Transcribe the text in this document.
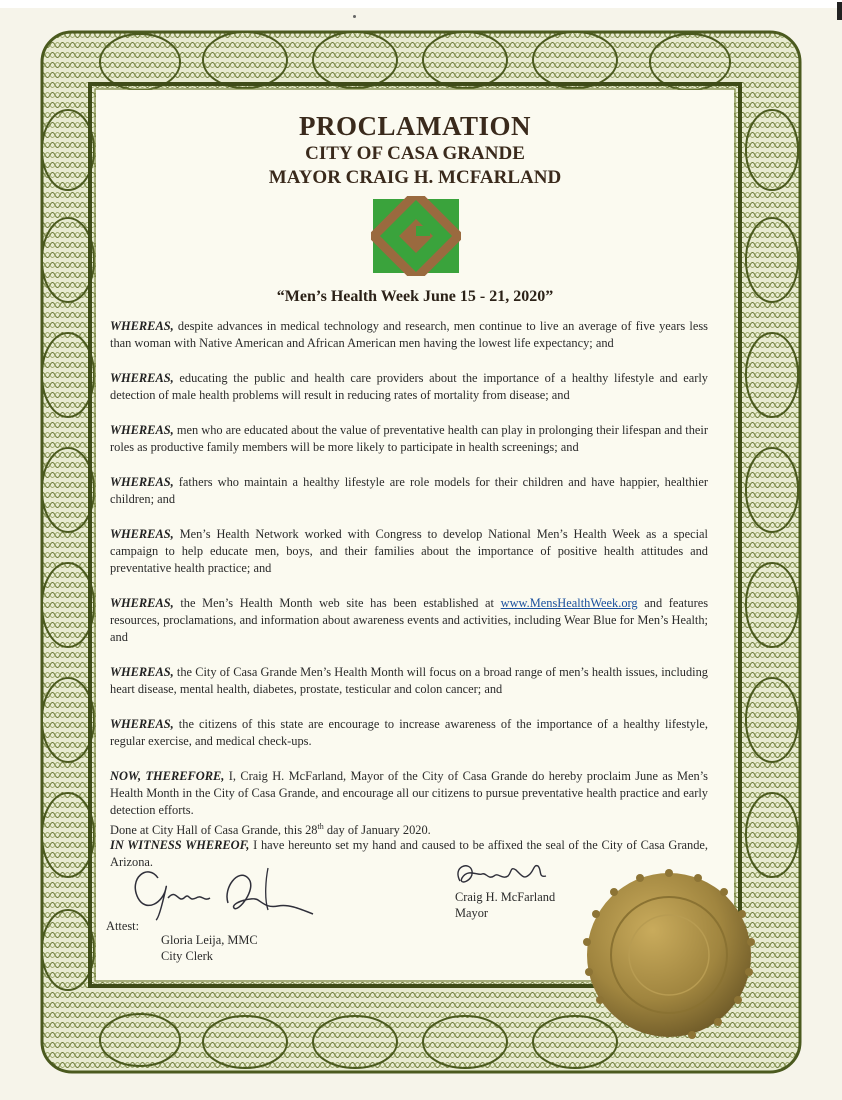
PROCLAMATION
CITY OF CASA GRANDE
MAYOR CRAIG H. MCFARLAND
“Men’s Health Week June 15 - 21, 2020”

WHEREAS, despite advances in medical technology and research, men continue to live an average of five years less than woman with Native American and African American men having the lowest life expectancy; and

WHEREAS, educating the public and health care providers about the importance of a healthy lifestyle and early detection of male health problems will result in reducing rates of mortality from disease; and

WHEREAS, men who are educated about the value of preventative health can play in prolonging their lifespan and their roles as productive family members will be more likely to participate in health screenings; and

WHEREAS, fathers who maintain a healthy lifestyle are role models for their children and have happier, healthier children; and

WHEREAS, Men’s Health Network worked with Congress to develop National Men’s Health Week as a special campaign to help educate men, boys, and their families about the importance of positive health attitudes and preventative health practice; and

WHEREAS, the Men’s Health Month web site has been established at www.MensHealthWeek.org and features resources, proclamations, and information about awareness events and activities, including Wear Blue for Men’s Health; and

WHEREAS, the City of Casa Grande Men’s Health Month will focus on a broad range of men’s health issues, including heart disease, mental health, diabetes, prostate, testicular and colon cancer; and

WHEREAS, the citizens of this state are encourage to increase awareness of the importance of a healthy lifestyle, regular exercise, and medical check-ups.

NOW, THEREFORE, I, Craig H. McFarland, Mayor of the City of Casa Grande do hereby proclaim June as Men’s Health Month in the City of Casa Grande, and encourage all our citizens to pursue preventative health practice and early detection efforts.

IN WITNESS WHEREOF, I have hereunto set my hand and caused to be affixed the seal of the City of Casa Grande, Arizona.

Done at City Hall of Casa Grande, this 28th day of January 2020.
Craig H. McFarland
Mayor
Attest:
Gloria Leija, MMC
City Clerk
